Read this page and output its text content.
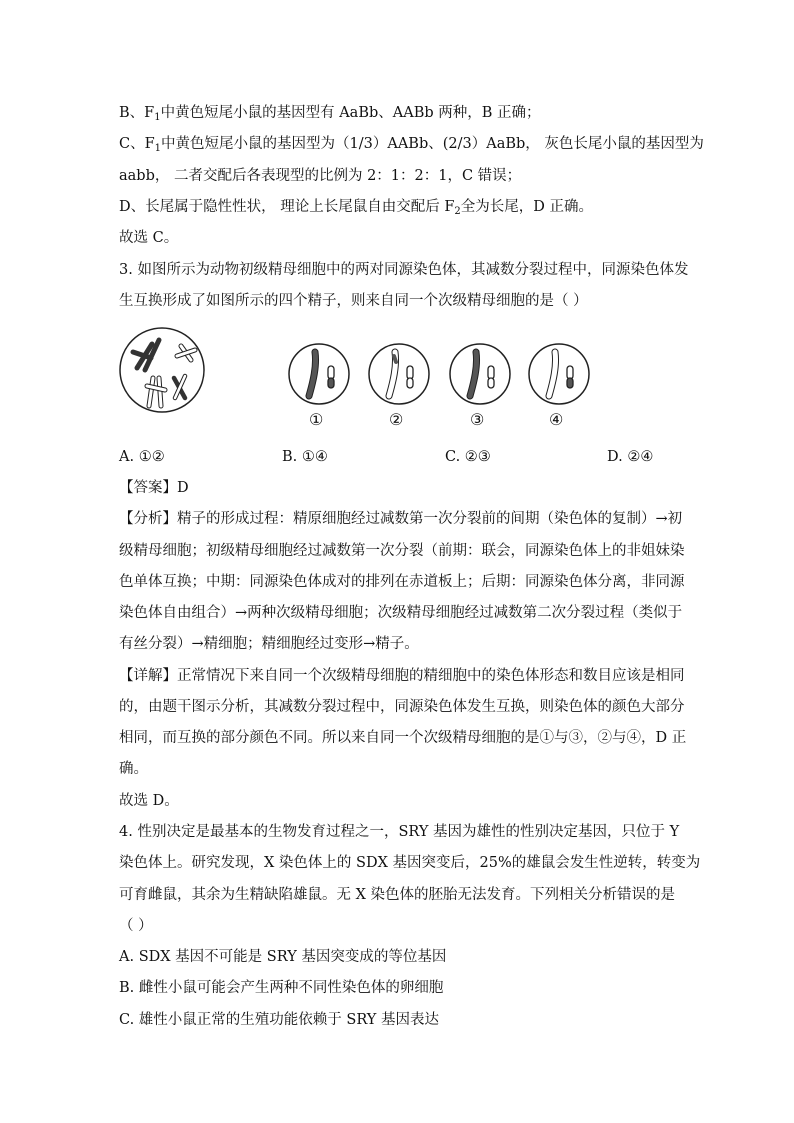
B、$F_1$中黄色短尾小鼠的基因型有 AaBb、AABb 两种，B 正确；
C、$F_1$中黄色短尾小鼠的基因型为（1/3）AABb、(2/3）AaBb， 灰色长尾小鼠的基因型为
aabb， 二者交配后各表现型的比例为 2：1：2：1，C 错误；
D、长尾属于隐性性状， 理论上长尾鼠自由交配后 $F_2$全为长尾，D 正确。
故选 C。
3. 如图所示为动物初级精母细胞中的两对同源染色体，其减数分裂过程中，同源染色体发
生互换形成了如图所示的四个精子，则来自同一个次级精母细胞的是（ ）
①	②	③	④
A. ①②	B. ①④	C. ②③	D. ②④
【答案】D
【分析】精子的形成过程：精原细胞经过减数第一次分裂前的间期（染色体的复制）→初
级精母细胞；初级精母细胞经过减数第一次分裂（前期：联会，同源染色体上的非姐妹染
色单体互换；中期：同源染色体成对的排列在赤道板上；后期：同源染色体分离，非同源
染色体自由组合）→两种次级精母细胞；次级精母细胞经过减数第二次分裂过程（类似于
有丝分裂）→精细胞；精细胞经过变形→精子。
【详解】正常情况下来自同一个次级精母细胞的精细胞中的染色体形态和数目应该是相同
的，由题干图示分析，其减数分裂过程中，同源染色体发生互换，则染色体的颜色大部分
相同，而互换的部分颜色不同。所以来自同一个次级精母细胞的是①与③，②与④，D 正
确。
故选 D。
4. 性别决定是最基本的生物发育过程之一，SRY 基因为雄性的性别决定基因，只位于 Y
染色体上。研究发现，X 染色体上的 SDX 基因突变后，25%的雄鼠会发生性逆转，转变为
可育雌鼠，其余为生精缺陷雄鼠。无 X 染色体的胚胎无法发育。下列相关分析错误的是
（ ）
A. SDX 基因不可能是 SRY 基因突变成的等位基因
B. 雌性小鼠可能会产生两种不同性染色体的卵细胞
C. 雄性小鼠正常的生殖功能依赖于 SRY 基因表达
